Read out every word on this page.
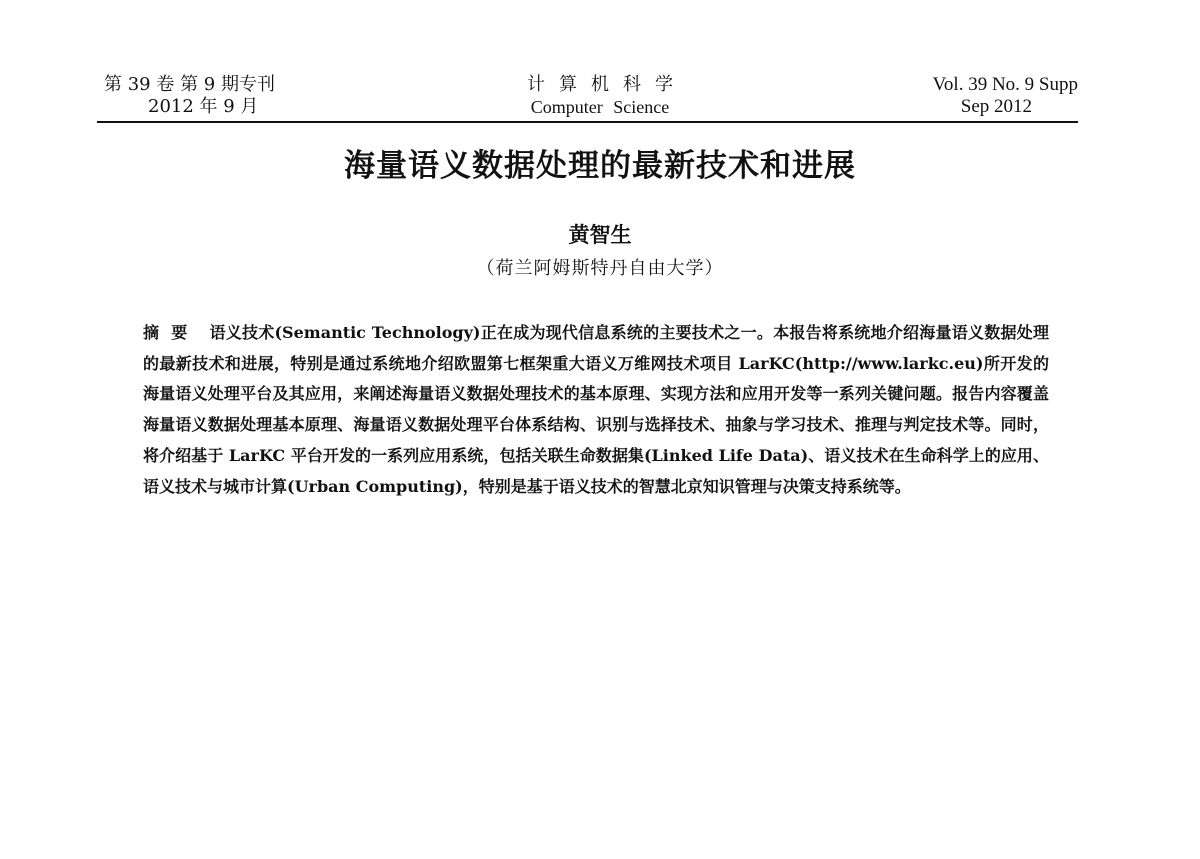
第 39 卷 第 9 期专刊
2012 年 9 月
计算机科学
Computer Science
Vol. 39 No. 9 Supp
Sep 2012
海量语义数据处理的最新技术和进展
黄智生
（荷兰阿姆斯特丹自由大学）

摘要 语义技术(Semantic Technology)正在成为现代信息系统的主要技术之一。本报告将系统地介绍海量语义数据处理的最新技术和进展，特别是通过系统地介绍欧盟第七框架重大语义万维网技术项目 LarKC(http://www.larkc.eu)所开发的海量语义处理平台及其应用，来阐述海量语义数据处理技术的基本原理、实现方法和应用开发等一系列关键问题。报告内容覆盖海量语义数据处理基本原理、海量语义数据处理平台体系结构、识别与选择技术、抽象与学习技术、推理与判定技术等。同时，将介绍基于 LarKC 平台开发的一系列应用系统，包括关联生命数据集(Linked Life Data)、语义技术在生命科学上的应用、语义技术与城市计算(Urban Computing)，特别是基于语义技术的智慧北京知识管理与决策支持系统等。
